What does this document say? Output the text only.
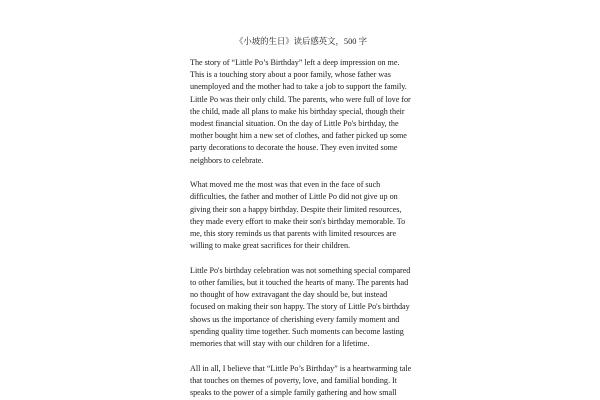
《小坡的生日》读后感英文，500 字

The story of “Little Po’s Birthday” left a deep impression on me. This is a touching story about a poor family, whose father was unemployed and the mother had to take a job to support the family. Little Po was their only child. The parents, who were full of love for the child, made all plans to make his birthday special, though their modest financial situation. On the day of Little Po's birthday, the mother bought him a new set of clothes, and father picked up some party decorations to decorate the house. They even invited some neighbors to celebrate.

What moved me the most was that even in the face of such difficulties, the father and mother of Little Po did not give up on giving their son a happy birthday. Despite their limited resources, they made every effort to make their son's birthday memorable. To me, this story reminds us that parents with limited resources are willing to make great sacrifices for their children.

Little Po's birthday celebration was not something special compared to other families, but it touched the hearts of many. The parents had no thought of how extravagant the day should be, but instead focused on making their son happy. The story of Little Po's birthday shows us the importance of cherishing every family moment and spending quality time together. Such moments can become lasting memories that will stay with our children for a lifetime.

All in all, I believe that “Little Po’s Birthday” is a heartwarming tale that touches on themes of poverty, love, and familial bonding. It speaks to the power of a simple family gathering and how small
